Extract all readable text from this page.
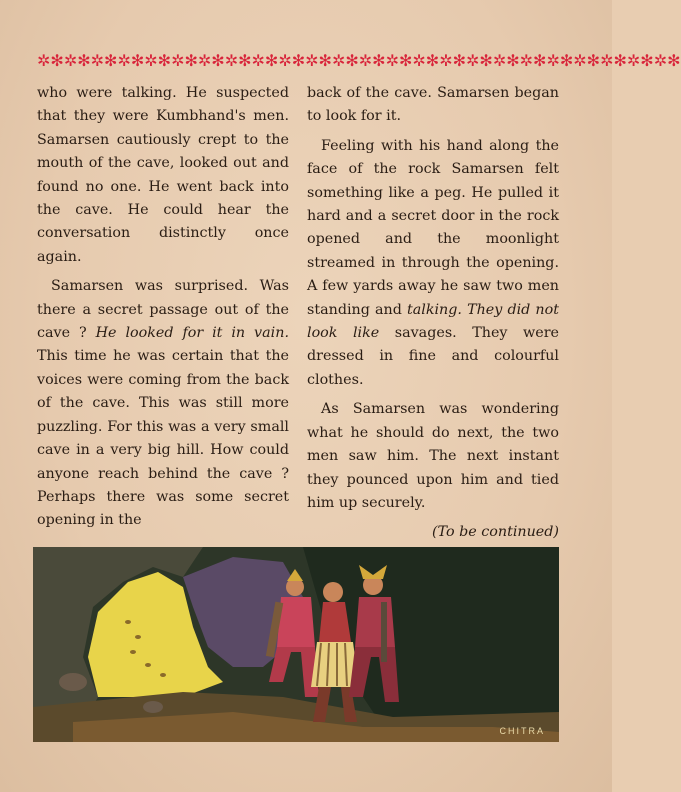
✲✻✲✻✲✻✲✻✲✻✲✻✲✻✲✻✲✻✲✻✲✻✲✻✲✻✲✻✲✻✲✻✲✻✲✻✲✻✲✻✲✻✲✻✲✻✲✻

who were talking. He suspected that they were Kumbhand's men. Samarsen cautiously crept to the mouth of the cave, looked out and found no one. He went back into the cave. He could hear the conversation distinctly once again.

Samarsen was surprised. Was there a secret passage out of the cave ? He looked for it in vain. This time he was certain that the voices were coming from the back of the cave. This was still more puzzling. For this was a very small cave in a very big hill. How could anyone reach behind the cave ? Perhaps there was some secret opening in the

back of the cave. Samarsen began to look for it.

Feeling with his hand along the face of the rock Samarsen felt something like a peg. He pulled it hard and a secret door in the rock opened and the moonlight streamed in through the opening. A few yards away he saw two men standing and talking. They did not look like savages. They were dressed in fine and colourful clothes.

As Samarsen was wondering what he should do next, the two men saw him. The next instant they pounced upon him and tied him up securely.

(To be continued)
CHITRA
